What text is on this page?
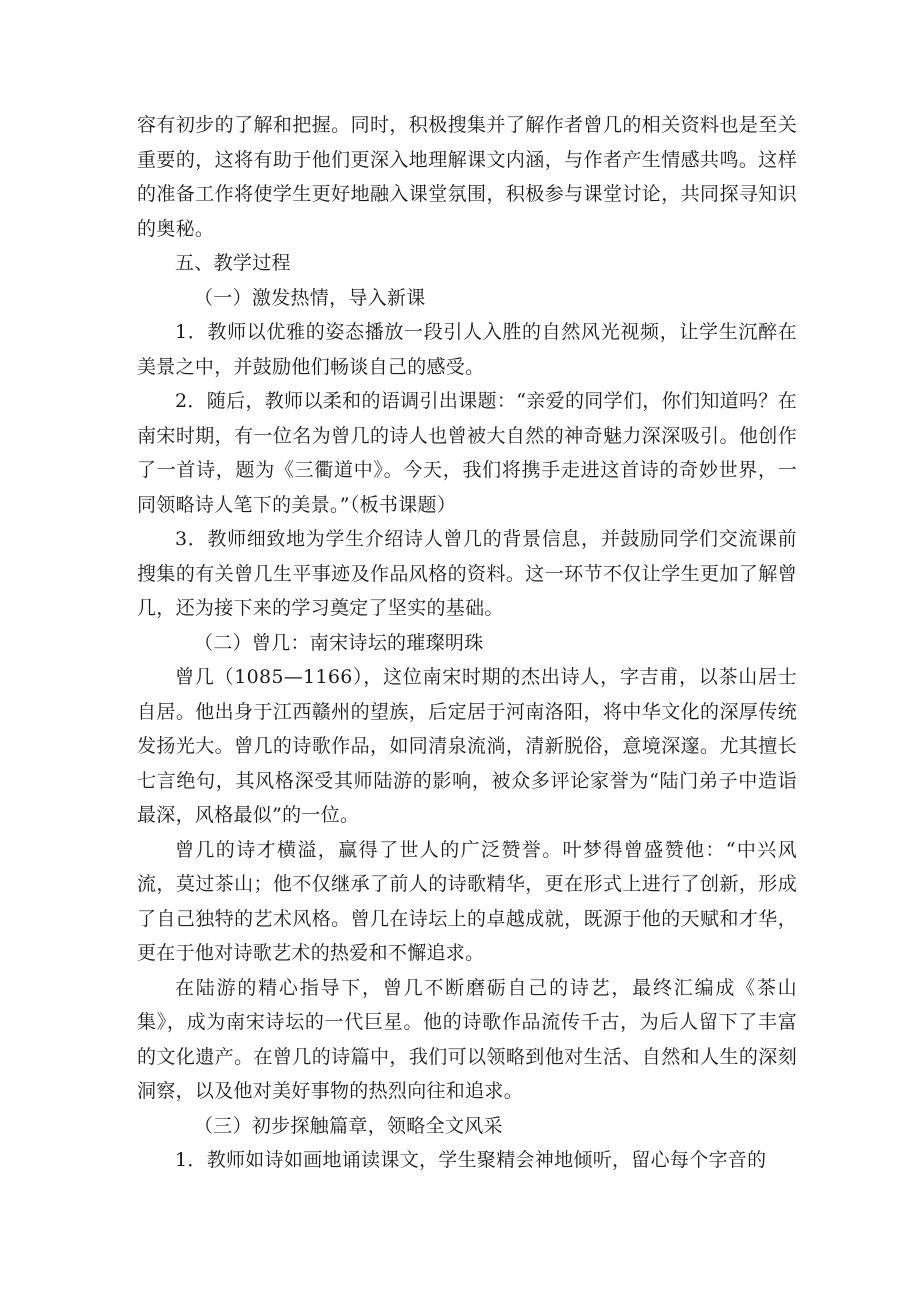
容有初步的了解和把握。同时，积极搜集并了解作者曾几的相关资料也是至关重要的，这将有助于他们更深入地理解课文内涵，与作者产生情感共鸣。这样的准备工作将使学生更好地融入课堂氛围，积极参与课堂讨论，共同探寻知识的奥秘。

五、教学过程

（一）激发热情，导入新课

1．教师以优雅的姿态播放一段引人入胜的自然风光视频，让学生沉醉在美景之中，并鼓励他们畅谈自己的感受。

2．随后，教师以柔和的语调引出课题：“亲爱的同学们，你们知道吗？在南宋时期，有一位名为曾几的诗人也曾被大自然的神奇魅力深深吸引。他创作了一首诗，题为《三衢道中》。今天，我们将携手走进这首诗的奇妙世界，一同领略诗人笔下的美景。”（板书课题）

3．教师细致地为学生介绍诗人曾几的背景信息，并鼓励同学们交流课前搜集的有关曾几生平事迹及作品风格的资料。这一环节不仅让学生更加了解曾几，还为接下来的学习奠定了坚实的基础。

（二）曾几：南宋诗坛的璀璨明珠

曾几（1085—1166），这位南宋时期的杰出诗人，字吉甫，以茶山居士自居。他出身于江西赣州的望族，后定居于河南洛阳，将中华文化的深厚传统发扬光大。曾几的诗歌作品，如同清泉流淌，清新脱俗，意境深邃。尤其擅长七言绝句，其风格深受其师陆游的影响，被众多评论家誉为“陆门弟子中造诣最深，风格最似”的一位。

曾几的诗才横溢，赢得了世人的广泛赞誉。叶梦得曾盛赞他：“中兴风流，莫过茶山；他不仅继承了前人的诗歌精华，更在形式上进行了创新，形成了自己独特的艺术风格。曾几在诗坛上的卓越成就，既源于他的天赋和才华，更在于他对诗歌艺术的热爱和不懈追求。

在陆游的精心指导下，曾几不断磨砺自己的诗艺，最终汇编成《茶山集》，成为南宋诗坛的一代巨星。他的诗歌作品流传千古，为后人留下了丰富的文化遗产。在曾几的诗篇中，我们可以领略到他对生活、自然和人生的深刻洞察，以及他对美好事物的热烈向往和追求。

（三）初步探触篇章，领略全文风采

1．教师如诗如画地诵读课文，学生聚精会神地倾听，留心每个字音的
